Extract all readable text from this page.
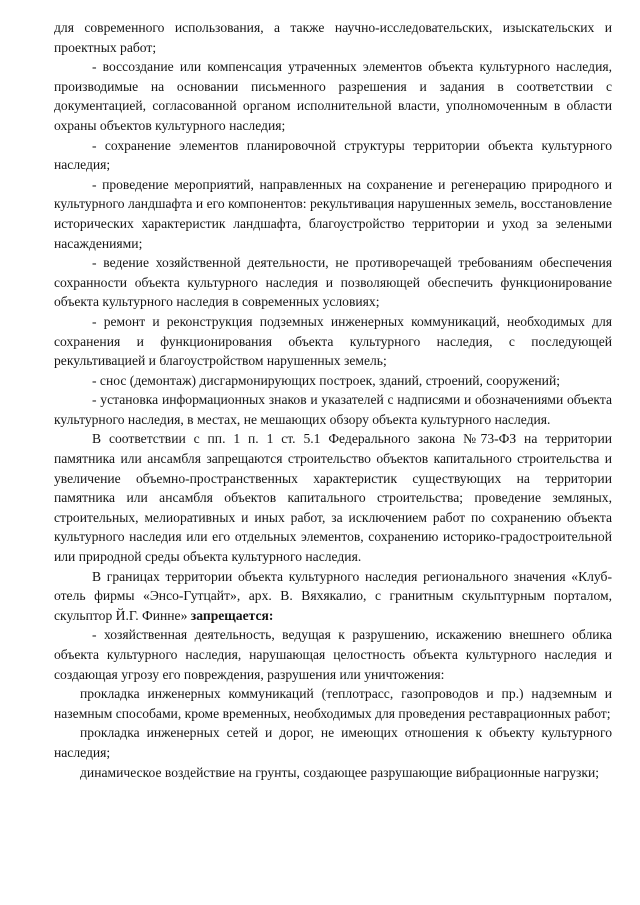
для современного использования, а также научно-исследовательских, изыскательских и проектных работ;

- воссоздание или компенсация утраченных элементов объекта культурного наследия, производимые на основании письменного разрешения и задания в соответствии с документацией, согласованной органом исполнительной власти, уполномоченным в области охраны объектов культурного наследия;

- сохранение элементов планировочной структуры территории объекта культурного наследия;

- проведение мероприятий, направленных на сохранение и регенерацию природного и культурного ландшафта и его компонентов: рекультивация нарушенных земель, восстановление исторических характеристик ландшафта, благоустройство территории и уход за зелеными насаждениями;

- ведение хозяйственной деятельности, не противоречащей требованиям обеспечения сохранности объекта культурного наследия и позволяющей обеспечить функционирование объекта культурного наследия в современных условиях;

- ремонт и реконструкция подземных инженерных коммуникаций, необходимых для сохранения и функционирования объекта культурного наследия, с последующей рекультивацией и благоустройством нарушенных земель;

- снос (демонтаж) дисгармонирующих построек, зданий, строений, сооружений;

- установка информационных знаков и указателей с надписями и обозначениями объекта культурного наследия, в местах, не мешающих обзору объекта культурного наследия.

В соответствии с пп. 1 п. 1 ст. 5.1 Федерального закона №73-ФЗ на территории памятника или ансамбля запрещаются строительство объектов капитального строительства и увеличение объемно-пространственных характеристик существующих на территории памятника или ансамбля объектов капитального строительства; проведение земляных, строительных, мелиоративных и иных работ, за исключением работ по сохранению объекта культурного наследия или его отдельных элементов, сохранению историко-градостроительной или природной среды объекта культурного наследия.

В границах территории объекта культурного наследия регионального значения «Клуб-отель фирмы «Энсо-Гутцайт», арх. В. Вяхякалио, с гранитным скульптурным порталом, скульптор Й.Г. Финне» запрещается:

- хозяйственная деятельность, ведущая к разрушению, искажению внешнего облика объекта культурного наследия, нарушающая целостность объекта культурного наследия и создающая угрозу его повреждения, разрушения или уничтожения:

прокладка инженерных коммуникаций (теплотрасс, газопроводов и пр.) надземным и наземным способами, кроме временных, необходимых для проведения реставрационных работ;

прокладка инженерных сетей и дорог, не имеющих отношения к объекту культурного наследия;

динамическое воздействие на грунты, создающее разрушающие вибрационные нагрузки;
